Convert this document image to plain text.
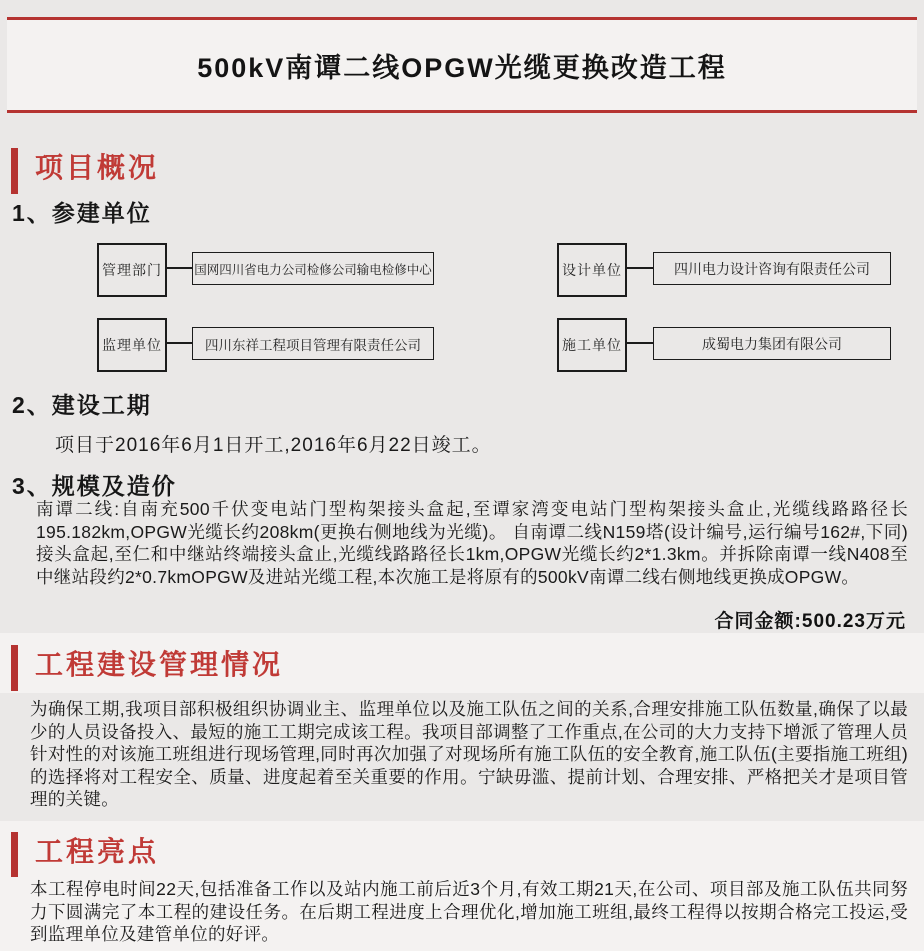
500kV南谭二线OPGW光缆更换改造工程
项目概况
1、参建单位
管理部门	国网四川省电力公司检修公司输电检修中心	设计单位	四川电力设计咨询有限责任公司
监理单位	四川东祥工程项目管理有限责任公司	施工单位	成蜀电力集团有限公司
2、建设工期

项目于2016年6月1日开工,2016年6月22日竣工。

3、规模及造价

南谭二线:自南充500千伏变电站门型构架接头盒起,至谭家湾变电站门型构架接头盒止,光缆线路路径长195.182km,OPGW光缆长约208km(更换右侧地线为光缆)。 自南谭二线N159塔(设计编号,运行编号162#,下同)接头盒起,至仁和中继站终端接头盒止,光缆线路路径长1km,OPGW光缆长约2*1.3km。并拆除南谭一线N408至中继站段约2*0.7kmOPGW及进站光缆工程,本次施工是将原有的500kV南谭二线右侧地线更换成OPGW。

合同金额:500.23万元
工程建设管理情况

为确保工期,我项目部积极组织协调业主、监理单位以及施工队伍之间的关系,合理安排施工队伍数量,确保了以最少的人员设备投入、最短的施工工期完成该工程。我项目部调整了工作重点,在公司的大力支持下增派了管理人员针对性的对该施工班组进行现场管理,同时再次加强了对现场所有施工队伍的安全教育,施工队伍(主要指施工班组)的选择将对工程安全、质量、进度起着至关重要的作用。宁缺毋滥、提前计划、合理安排、严格把关才是项目管理的关键。

工程亮点

本工程停电时间22天,包括准备工作以及站内施工前后近3个月,有效工期21天,在公司、项目部及施工队伍共同努力下圆满完了本工程的建设任务。在后期工程进度上合理优化,增加施工班组,最终工程得以按期合格完工投运,受到监理单位及建管单位的好评。
